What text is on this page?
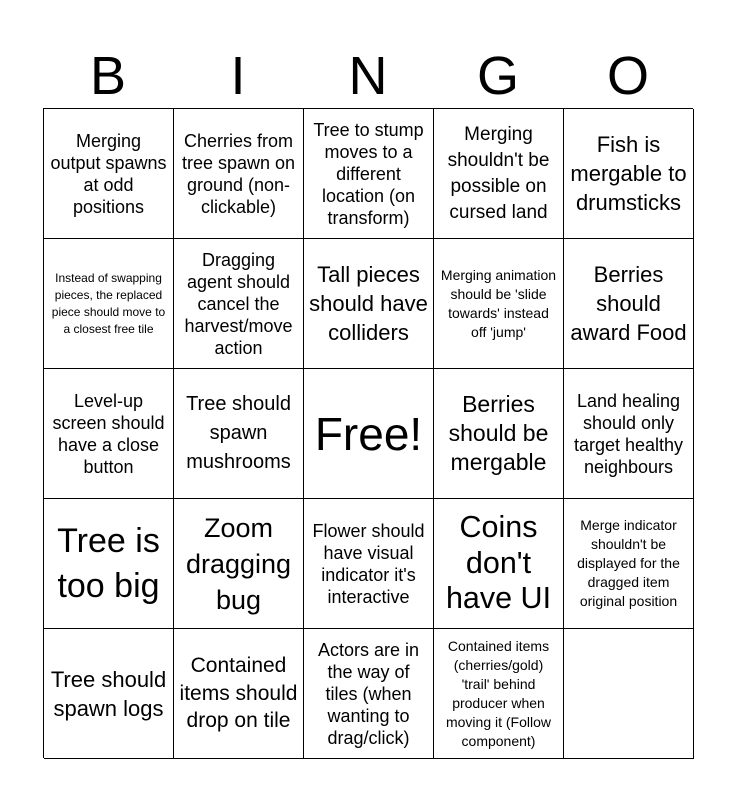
B	I	N	G	O
Merging output spawns at odd positions
Cherries from tree spawn on ground (non-clickable)
Tree to stump moves to a different location (on transform)
Merging shouldn't be possible on cursed land
Fish is mergable to drumsticks
Instead of swapping pieces, the replaced piece should move to a closest free tile
Dragging agent should cancel the harvest/move action
Tall pieces should have colliders
Merging animation should be 'slide towards' instead off 'jump'
Berries should award Food
Level-up screen should have a close button
Tree should spawn mushrooms
Free!
Berries should be mergable
Land healing should only target healthy neighbours
Tree is too big
Zoom dragging bug
Flower should have visual indicator it's interactive
Coins don't have UI
Merge indicator shouldn't be displayed for the dragged item original position
Tree should spawn logs
Contained items should drop on tile
Actors are in the way of tiles (when wanting to drag/click)
Contained items (cherries/gold) 'trail' behind producer when moving it (Follow component)
